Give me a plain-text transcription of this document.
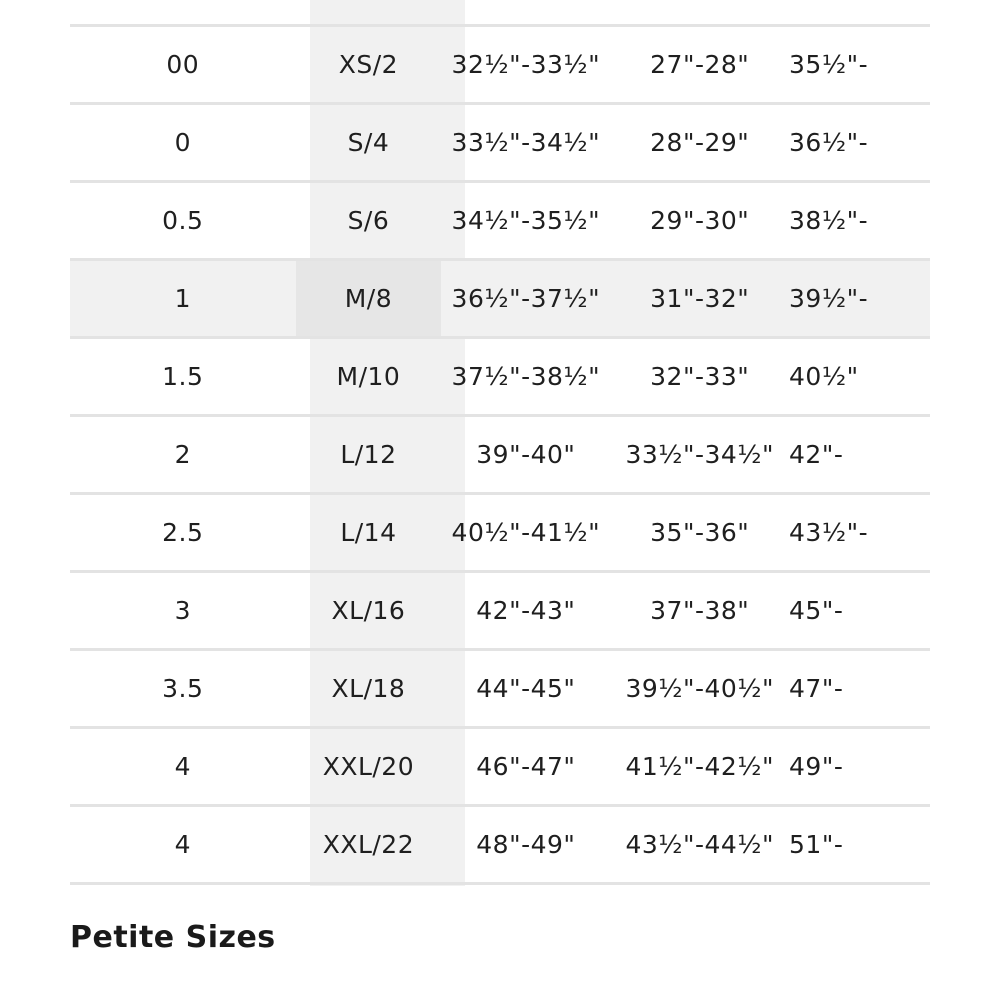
00	XS/2	32½"-33½"	27"-28"	35½"-
0	S/4	33½"-34½"	28"-29"	36½"-
0.5	S/6	34½"-35½"	29"-30"	38½"-
1	M/8	36½"-37½"	31"-32"	39½"-
1.5	M/10	37½"-38½"	32"-33"	40½"
2	L/12	39"-40"	33½"-34½" 42"-
2.5	L/14	40½"-41½"	35"-36"	43½"-
3	XL/16	42"-43"	37"-38"	45"-
3.5	XL/18	44"-45"	39½"-40½" 47"-
4	XXL/20	46"-47"	41½"-42½" 49"-
4	XXL/22	48"-49"	43½"-44½" 51"-
Petite Sizes
